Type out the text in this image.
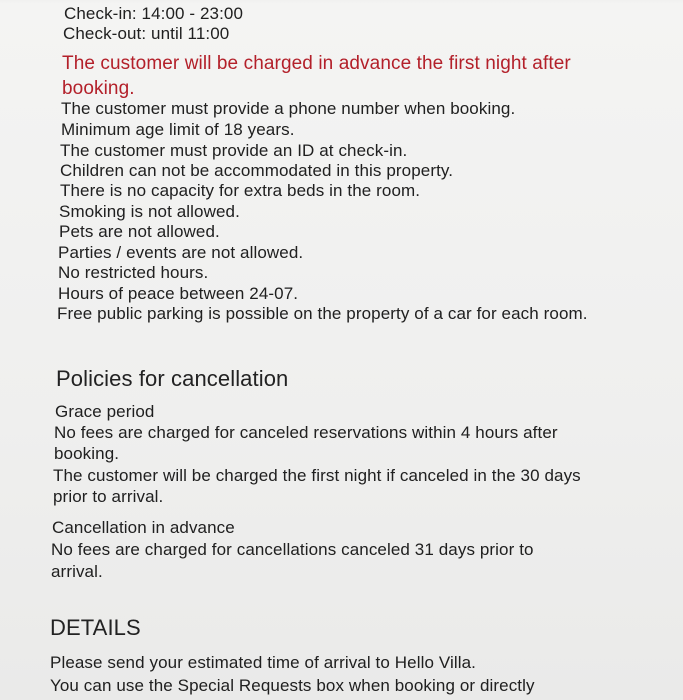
Check-in: 14:00 - 23:00
Check-out: until 11:00
The customer will be charged in advance the first night after
booking.
The customer must provide a phone number when booking.
Minimum age limit of 18 years.
The customer must provide an ID at check-in.
Children can not be accommodated in this property.
There is no capacity for extra beds in the room.
Smoking is not allowed.
Pets are not allowed.
Parties / events are not allowed.
No restricted hours.
Hours of peace between 24-07.
Free public parking is possible on the property of a car for each room.
Policies for cancellation
Grace period
No fees are charged for canceled reservations within 4 hours after
booking.
The customer will be charged the first night if canceled in the 30 days
prior to arrival.
Cancellation in advance
No fees are charged for cancellations canceled 31 days prior to
arrival.
DETAILS
Please send your estimated time of arrival to Hello Villa.
You can use the Special Requests box when booking or directly
